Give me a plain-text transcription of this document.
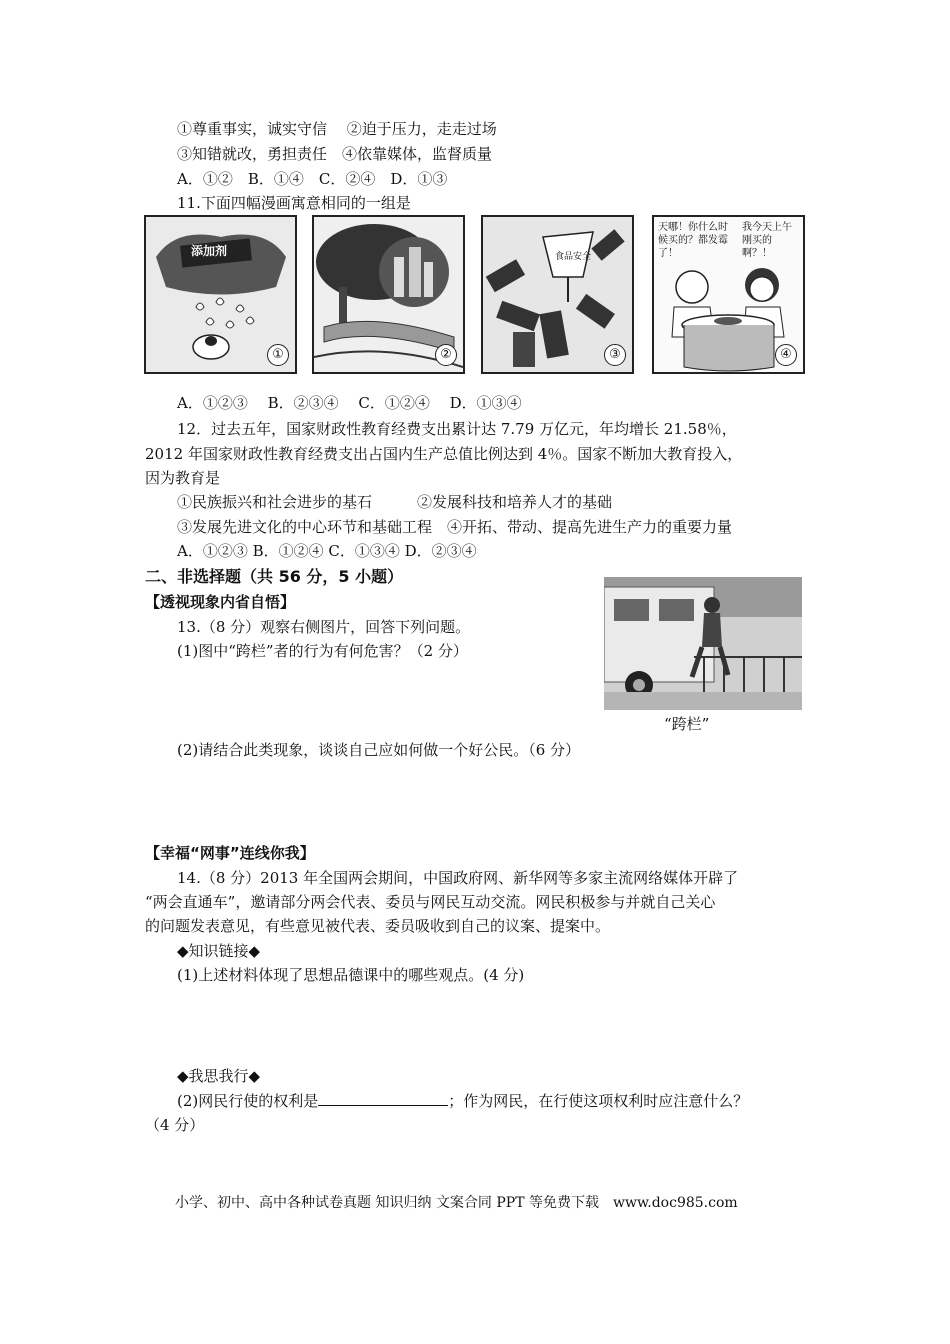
①尊重事实，诚实守信　 ②迫于压力，走走过场
③知错就改，勇担责任　④依靠媒体，监督质量
A．①②　B．①④　C．②④　D．①③
11.下面四幅漫画寓意相同的一组是
添加剂
①	②
食品安全
③
天哪！你什么时候买的？都发霉了！
我今天上午刚买的啊？！
④
A．①②③　 B．②③④　 C．①②④　 D．①③④
12．过去五年，国家财政性教育经费支出累计达 7.79 万亿元，年均增长 21.58％，
2012 年国家财政性教育经费支出占国内生产总值比例达到 4％。国家不断加大教育投入，
因为教育是
①民族振兴和社会进步的基石　　　②发展科技和培养人才的基础
③发展先进文化的中心环节和基础工程　④开拓、带动、提高先进生产力的重要力量
A．①②③ B．①②④ C．①③④ D．②③④
二、非选择题（共 56 分，5 小题）
【透视现象内省自悟】
13.（8 分）观察右侧图片，回答下列问题。
(1)图中“跨栏”者的行为有何危害？（2 分）
“跨栏”
(2)请结合此类现象，谈谈自己应如何做一个好公民。（6 分）
【幸福“网事”连线你我】
14.（8 分）2013 年全国两会期间，中国政府网、新华网等多家主流网络媒体开辟了
“两会直通车”，邀请部分两会代表、委员与网民互动交流。网民积极参与并就自己关心
的问题发表意见，有些意见被代表、委员吸收到自己的议案、提案中。
◆知识链接◆
(1)上述材料体现了思想品德课中的哪些观点。(4 分)
◆我思我行◆
(2)网民行使的权利是	；作为网民，在行使这项权利时应注意什么？
（4 分）
小学、初中、高中各种试卷真题 知识归纳 文案合同 PPT 等免费下载　www.doc985.com
